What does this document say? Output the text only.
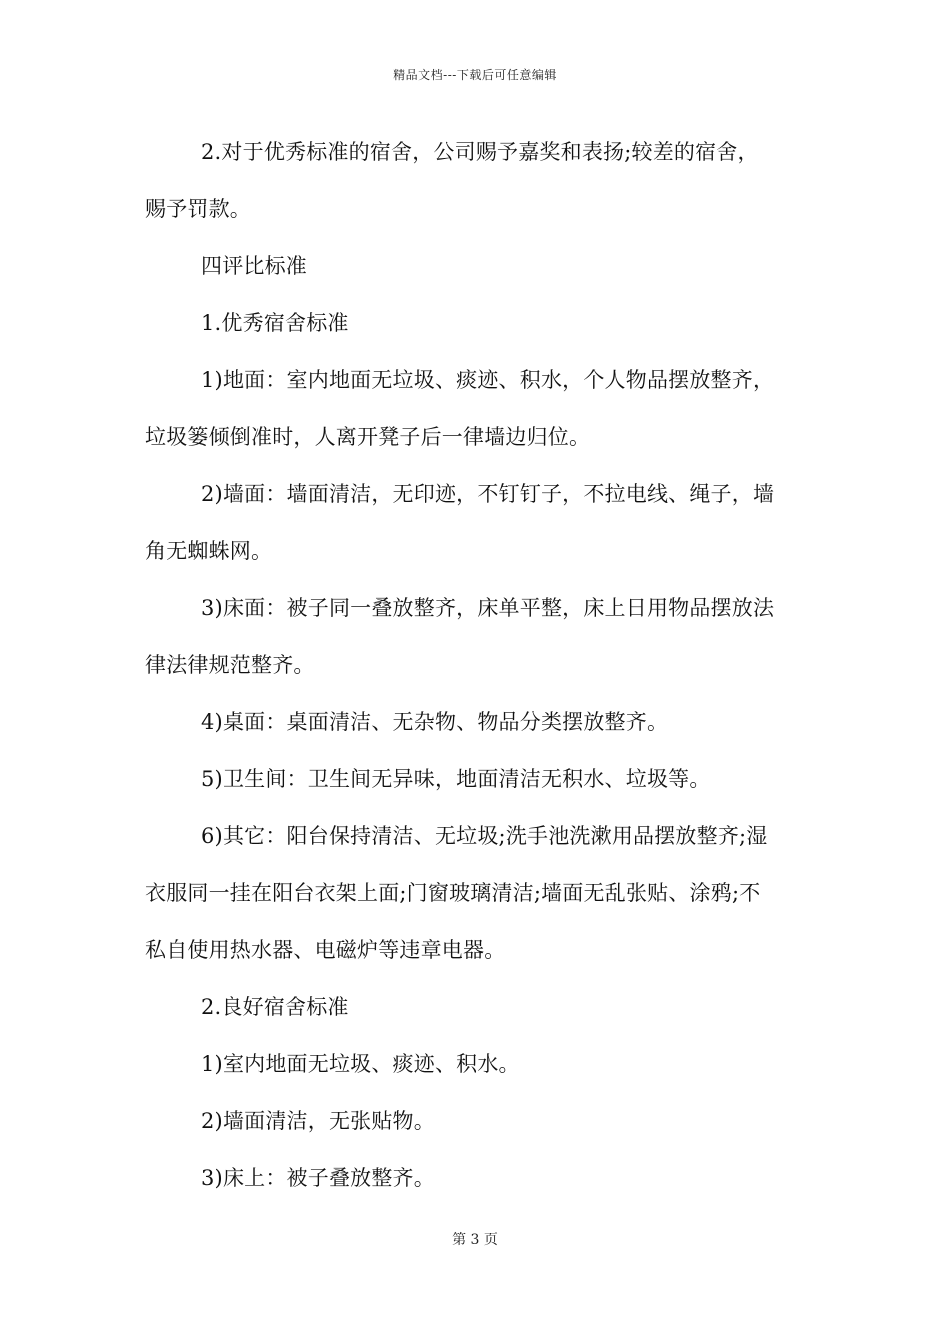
精品文档---下载后可任意编辑
2.对于优秀标准的宿舍，公司赐予嘉奖和表扬;较差的宿舍，
赐予罚款。
四评比标准
1.优秀宿舍标准
1)地面：室内地面无垃圾、痰迹、积水，个人物品摆放整齐，
垃圾篓倾倒准时，人离开凳子后一律墙边归位。
2)墙面：墙面清洁，无印迹，不钉钉子，不拉电线、绳子，墙
角无蜘蛛网。
3)床面：被子同一叠放整齐，床单平整，床上日用物品摆放法
律法律规范整齐。
4)桌面：桌面清洁、无杂物、物品分类摆放整齐。
5)卫生间：卫生间无异味，地面清洁无积水、垃圾等。
6)其它：阳台保持清洁、无垃圾;洗手池洗漱用品摆放整齐;湿
衣服同一挂在阳台衣架上面;门窗玻璃清洁;墙面无乱张贴、涂鸦;不
私自使用热水器、电磁炉等违章电器。
2.良好宿舍标准
1)室内地面无垃圾、痰迹、积水。
2)墙面清洁，无张贴物。
3)床上：被子叠放整齐。
第 3 页
